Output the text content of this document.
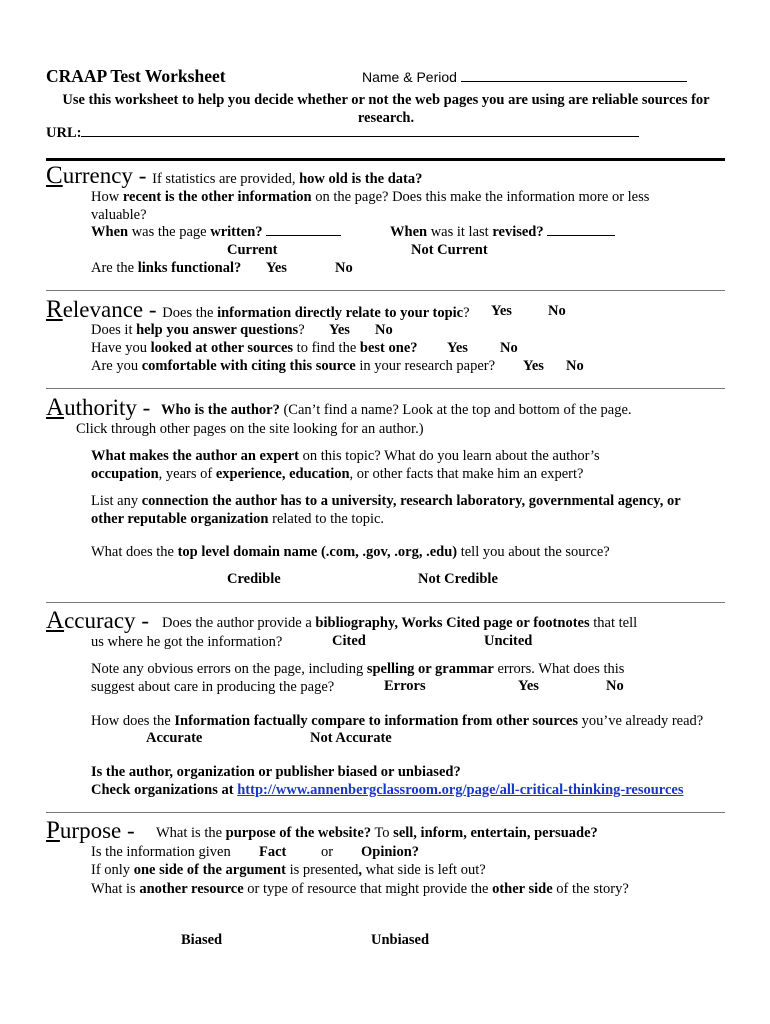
CRAAP Test Worksheet	Name & Period
Use this worksheet to help you decide whether or not the web pages you are using are reliable sources for research.
URL:
Currency - If statistics are provided, how old is the data?
How recent is the other information on the page? Does this make the information more or less valuable?
When was the page written?	When was it last revised?
Current	Not Current
Are the links functional? Yes	No
Relevance - Does the information directly relate to your topic? Yes No
Does it help you answer questions? Yes No
Have you looked at other sources to find the best one? Yes No
Are you comfortable with citing this source in your research paper? Yes No
Authority - Who is the author? (Can’t find a name? Look at the top and bottom of the page. Click through other pages on the site looking for an author.)
What makes the author an expert on this topic? What do you learn about the author’s occupation, years of experience, education, or other facts that make him an expert?
List any connection the author has to a university, research laboratory, governmental agency, or other reputable organization related to the topic.
What does the top level domain name (.com, .gov, .org, .edu) tell you about the source?
Credible	Not Credible
Accuracy - Does the author provide a bibliography, Works Cited page or footnotes that tell us where he got the information?	Cited	Uncited
Note any obvious errors on the page, including spelling or grammar errors. What does this suggest about care in producing the page?	Errors	Yes	No
How does the Information factually compare to information from other sources you’ve already read?
Accurate	Not Accurate
Is the author, organization or publisher biased or unbiased?
Check organizations at http://www.annenbergclassroom.org/page/all-critical-thinking-resources
Purpose - What is the purpose of the website? To sell, inform, entertain, persuade?
Is the information given Fact or Opinion?
If only one side of the argument is presented, what side is left out?
What is another resource or type of resource that might provide the other side of the story?
Biased	Unbiased
